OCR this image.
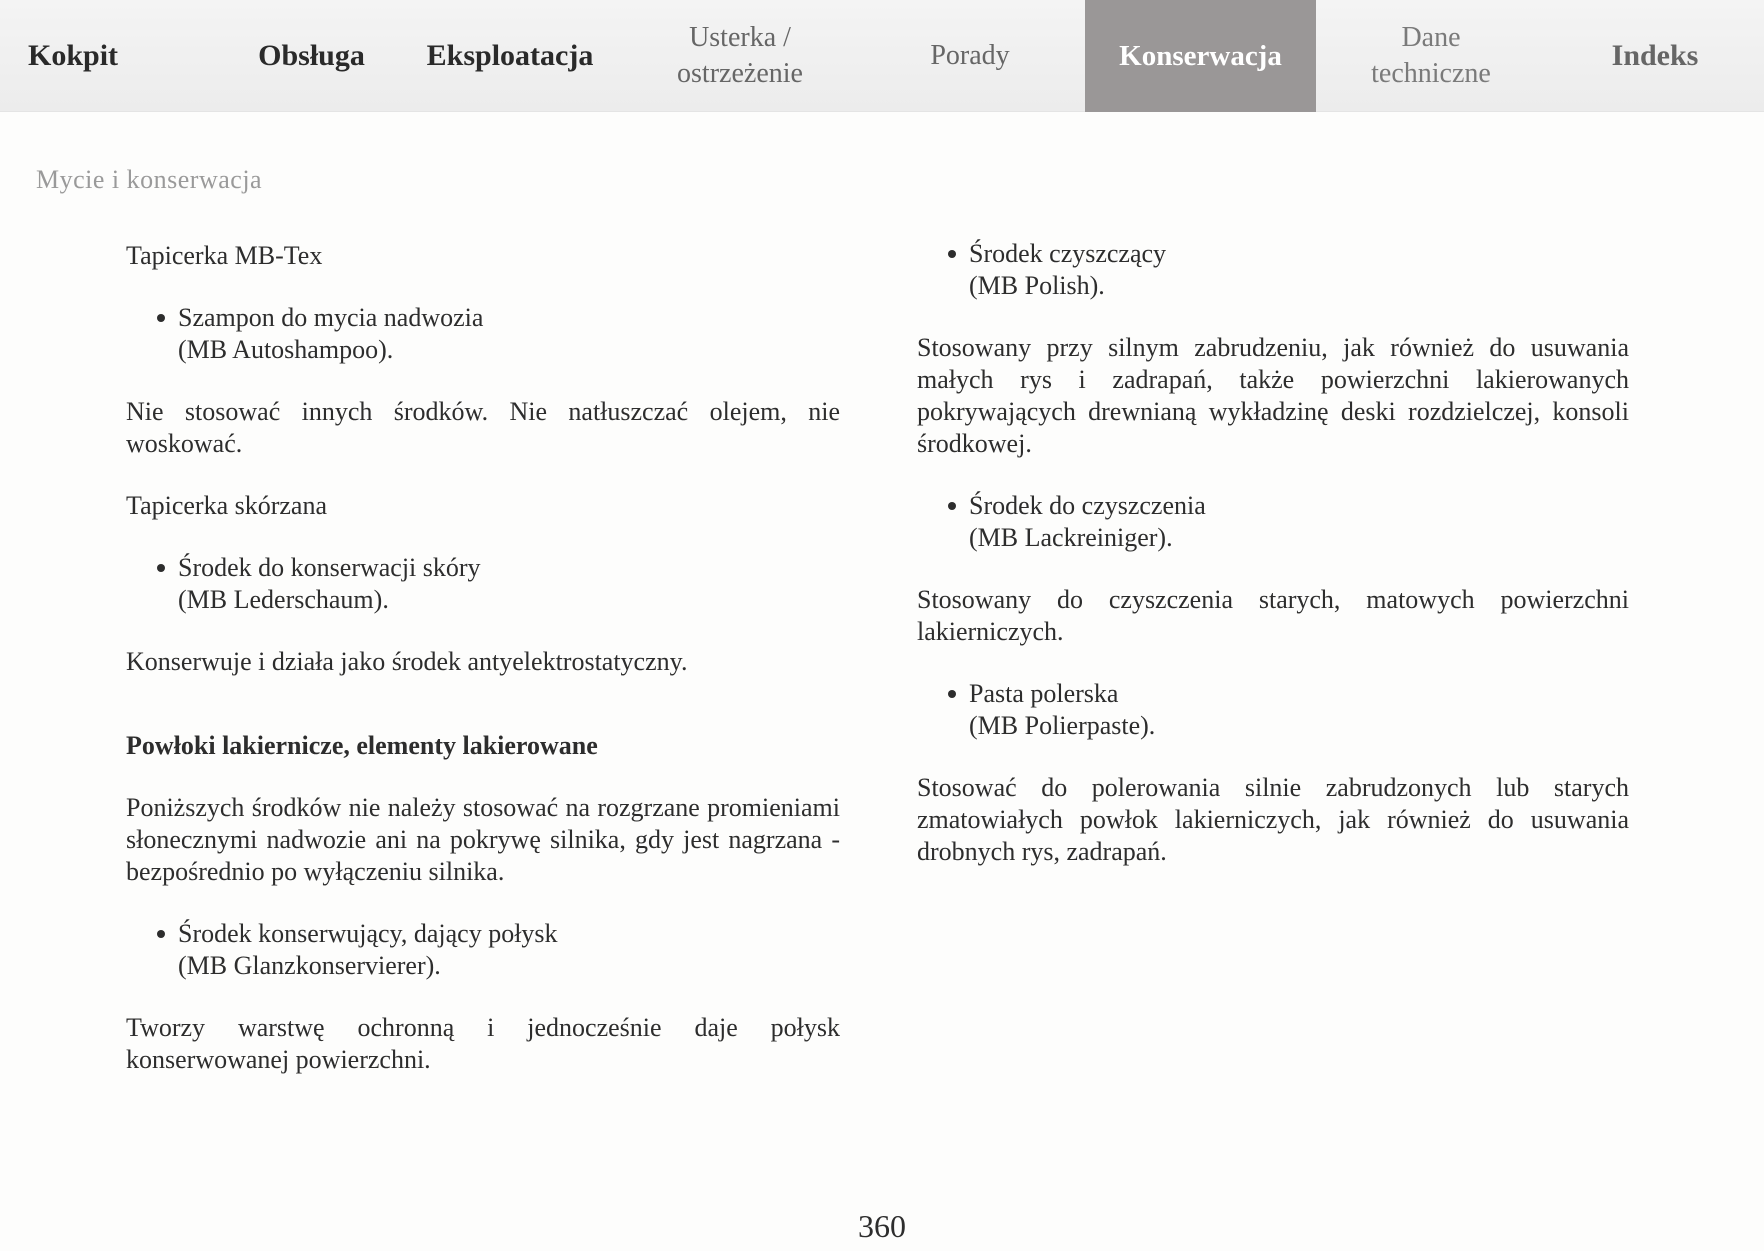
Kokpit	Obsługa Eksploatacja
Usterka /
ostrzeżenie
Porady	Konserwacja
Dane
techniczne
Indeks
Mycie i konserwacja
Tapicerka MB-Tex
Szampon do mycia nadwozia
(MB Autoshampoo).

Nie stosować innych środków. Nie natłuszczać olejem, nie woskować.

Tapicerka skórzana
Środek do konserwacji skóry
(MB Lederschaum).

Konserwuje i działa jako środek antyelektrostatyczny.

Powłoki lakiernicze, elementy lakierowane

Poniższych środków nie należy stosować na rozgrzane promieniami słonecznymi nadwozie ani na pokrywę silnika, gdy jest nagrzana - bezpośrednio po wyłączeniu silnika.

Środek konserwujący, dający połysk
(MB Glanzkonservierer).

Tworzy warstwę ochronną i jednocześnie daje połysk konserwowanej powierzchni.

Środek czyszczący
(MB Polish).

Stosowany przy silnym zabrudzeniu, jak również do usuwania małych rys i zadrapań, także powierzchni lakierowanych pokrywających drewnianą wykładzinę deski rozdzielczej, konsoli środkowej.

Środek do czyszczenia
(MB Lackreiniger).

Stosowany do czyszczenia starych, matowych powierzchni lakierniczych.

Pasta polerska
(MB Polierpaste).

Stosować do polerowania silnie zabrudzonych lub starych zmatowiałych powłok lakierniczych, jak również do usuwania drobnych rys, zadrapań.

360
